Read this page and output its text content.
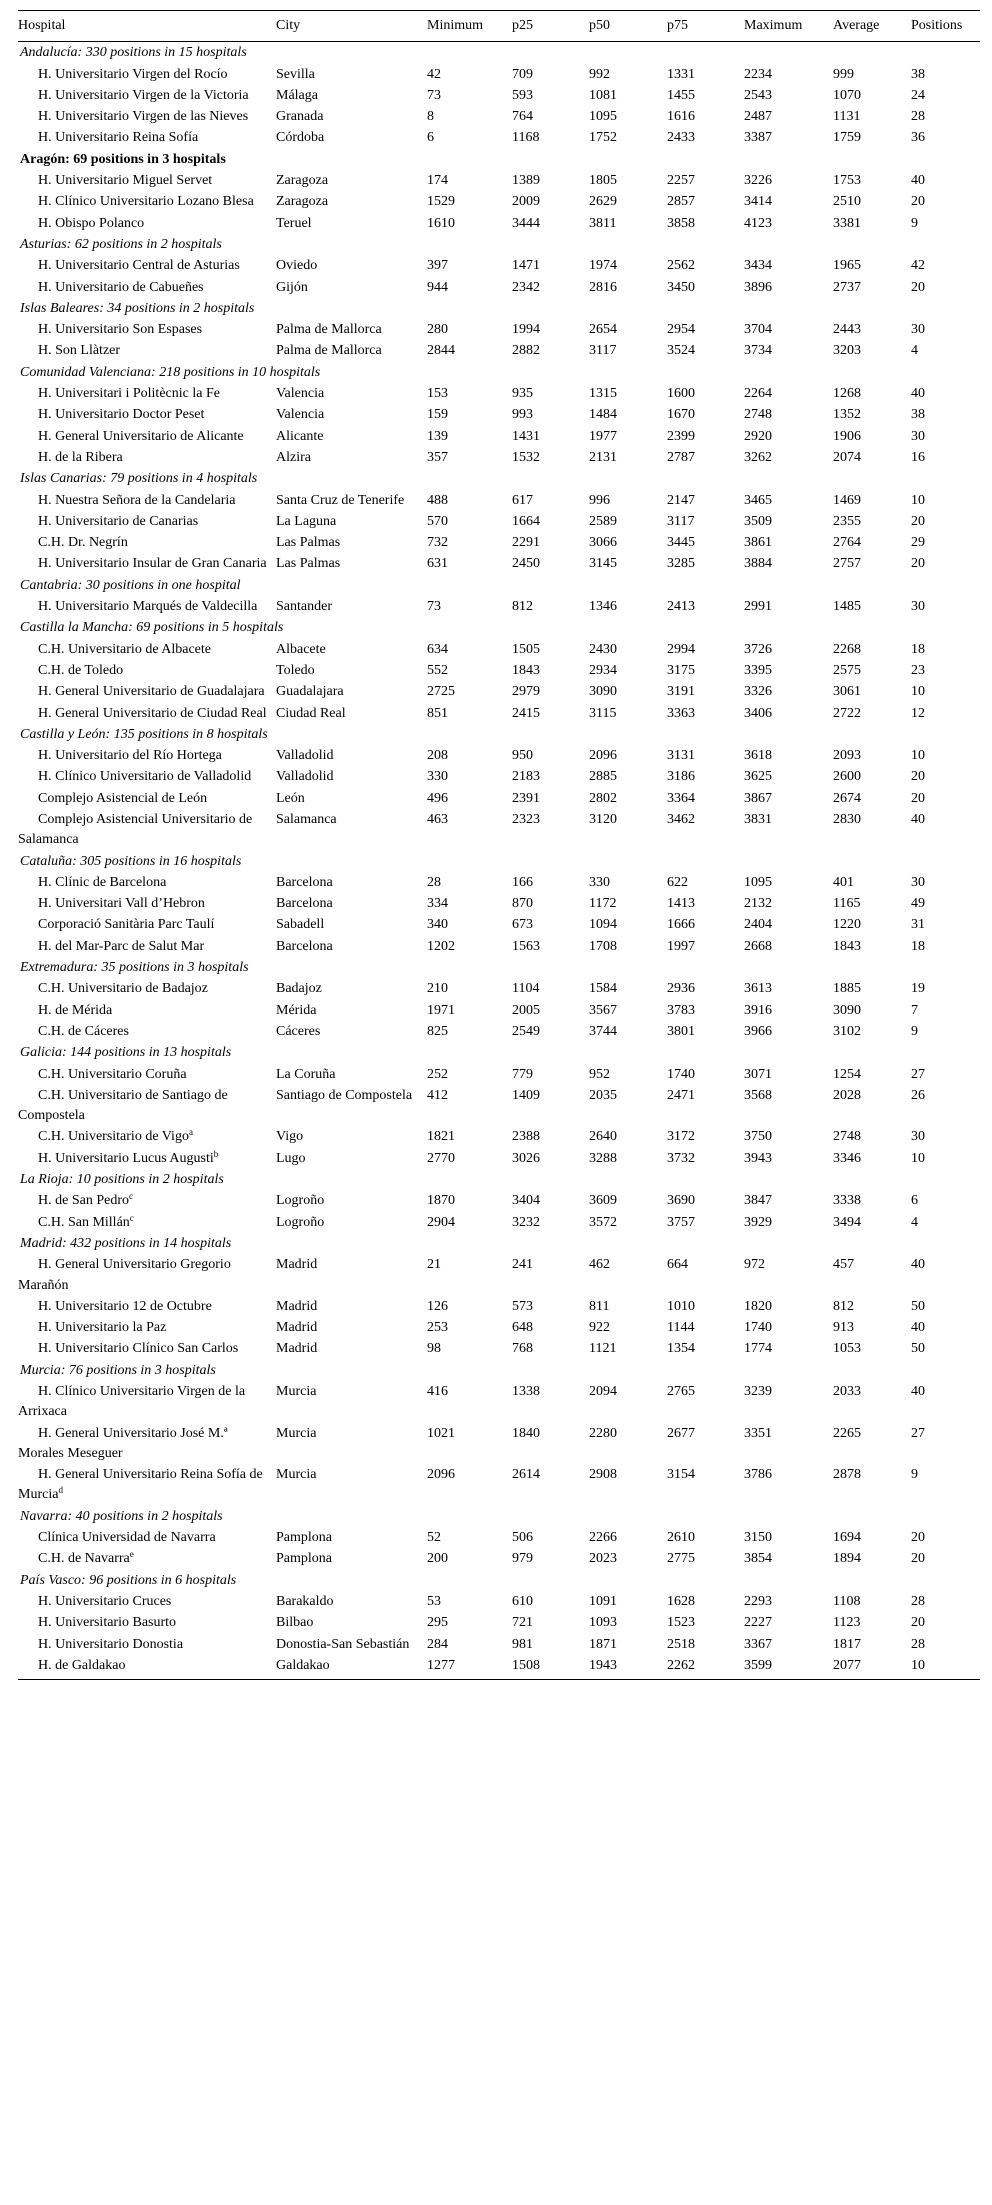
Hospital	City	Minimum	p25	p50	p75	Maximum	Average	Positions
Andalucía: 330 positions in 15 hospitals								

H. Universitario Virgen del Rocío	Sevilla	42	709	992	1331	2234	999	38

H. Universitario Virgen de la Victoria	Málaga	73	593	1081	1455	2543	1070	24

H. Universitario Virgen de las Nieves	Granada	8	764	1095	1616	2487	1131	28

H. Universitario Reina Sofía	Córdoba	6	1168	1752	2433	3387	1759	36
Aragón: 69 positions in 3 hospitals								

H. Universitario Miguel Servet	Zaragoza	174	1389	1805	2257	3226	1753	40

H. Clínico Universitario Lozano Blesa	Zaragoza	1529	2009	2629	2857	3414	2510	20

H. Obispo Polanco	Teruel	1610	3444	3811	3858	4123	3381	9
Asturias: 62 positions in 2 hospitals								

H. Universitario Central de Asturias	Oviedo	397	1471	1974	2562	3434	1965	42

H. Universitario de Cabueñes	Gijón	944	2342	2816	3450	3896	2737	20
Islas Baleares: 34 positions in 2 hospitals								

H. Universitario Son Espases	Palma de Mallorca	280	1994	2654	2954	3704	2443	30

H. Son Llàtzer	Palma de Mallorca	2844	2882	3117	3524	3734	3203	4
Comunidad Valenciana: 218 positions in 10 hospitals								

H. Universitari i Politècnic la Fe	Valencia	153	935	1315	1600	2264	1268	40

H. Universitario Doctor Peset	Valencia	159	993	1484	1670	2748	1352	38

H. General Universitario de Alicante	Alicante	139	1431	1977	2399	2920	1906	30

H. de la Ribera	Alzira	357	1532	2131	2787	3262	2074	16
Islas Canarias: 79 positions in 4 hospitals								

H. Nuestra Señora de la Candelaria	Santa Cruz de Tenerife	488	617	996	2147	3465	1469	10

H. Universitario de Canarias	La Laguna	570	1664	2589	3117	3509	2355	20

C.H. Dr. Negrín	Las Palmas	732	2291	3066	3445	3861	2764	29

H. Universitario Insular de Gran Canaria	Las Palmas	631	2450	3145	3285	3884	2757	20
Cantabria: 30 positions in one hospital								

H. Universitario Marqués de Valdecilla	Santander	73	812	1346	2413	2991	1485	30
Castilla la Mancha: 69 positions in 5 hospitals								

C.H. Universitario de Albacete	Albacete	634	1505	2430	2994	3726	2268	18

C.H. de Toledo	Toledo	552	1843	2934	3175	3395	2575	23

H. General Universitario de Guadalajara	Guadalajara	2725	2979	3090	3191	3326	3061	10

H. General Universitario de Ciudad Real	Ciudad Real	851	2415	3115	3363	3406	2722	12
Castilla y León: 135 positions in 8 hospitals								

H. Universitario del Río Hortega	Valladolid	208	950	2096	3131	3618	2093	10

H. Clínico Universitario de Valladolid	Valladolid	330	2183	2885	3186	3625	2600	20

Complejo Asistencial de León	León	496	2391	2802	3364	3867	2674	20

Complejo Asistencial Universitario de Salamanca	Salamanca	463	2323	3120	3462	3831	2830	40
Cataluña: 305 positions in 16 hospitals								

H. Clínic de Barcelona	Barcelona	28	166	330	622	1095	401	30

H. Universitari Vall d’Hebron	Barcelona	334	870	1172	1413	2132	1165	49

Corporació Sanitària Parc Taulí	Sabadell	340	673	1094	1666	2404	1220	31

H. del Mar-Parc de Salut Mar	Barcelona	1202	1563	1708	1997	2668	1843	18
Extremadura: 35 positions in 3 hospitals								

C.H. Universitario de Badajoz	Badajoz	210	1104	1584	2936	3613	1885	19

H. de Mérida	Mérida	1971	2005	3567	3783	3916	3090	7

C.H. de Cáceres	Cáceres	825	2549	3744	3801	3966	3102	9
Galicia: 144 positions in 13 hospitals								

C.H. Universitario Coruña	La Coruña	252	779	952	1740	3071	1254	27

C.H. Universitario de Santiago de Compostela	Santiago de Compostela	412	1409	2035	2471	3568	2028	26

C.H. Universitario de Vigo$^a$	Vigo	1821	2388	2640	3172	3750	2748	30

H. Universitario Lucus Augusti$^b$	Lugo	2770	3026	3288	3732	3943	3346	10
La Rioja: 10 positions in 2 hospitals								

H. de San Pedro$^c$	Logroño	1870	3404	3609	3690	3847	3338	6

C.H. San Millán$^c$	Logroño	2904	3232	3572	3757	3929	3494	4
Madrid: 432 positions in 14 hospitals								

H. General Universitario Gregorio Marañón	Madrid	21	241	462	664	972	457	40

H. Universitario 12 de Octubre	Madrid	126	573	811	1010	1820	812	50

H. Universitario la Paz	Madrid	253	648	922	1144	1740	913	40

H. Universitario Clínico San Carlos	Madrid	98	768	1121	1354	1774	1053	50
Murcia: 76 positions in 3 hospitals								

H. Clínico Universitario Virgen de la Arrixaca	Murcia	416	1338	2094	2765	3239	2033	40

H. General Universitario José M.ª Morales Meseguer	Murcia	1021	1840	2280	2677	3351	2265	27

H. General Universitario Reina Sofía de Murcia$^d$	Murcia	2096	2614	2908	3154	3786	2878	9
Navarra: 40 positions in 2 hospitals								

Clínica Universidad de Navarra	Pamplona	52	506	2266	2610	3150	1694	20

C.H. de Navarra$^e$	Pamplona	200	979	2023	2775	3854	1894	20
País Vasco: 96 positions in 6 hospitals								

H. Universitario Cruces	Barakaldo	53	610	1091	1628	2293	1108	28

H. Universitario Basurto	Bilbao	295	721	1093	1523	2227	1123	20

H. Universitario Donostia	Donostia-San Sebastián	284	981	1871	2518	3367	1817	28

H. de Galdakao	Galdakao	1277	1508	1943	2262	3599	2077	10
